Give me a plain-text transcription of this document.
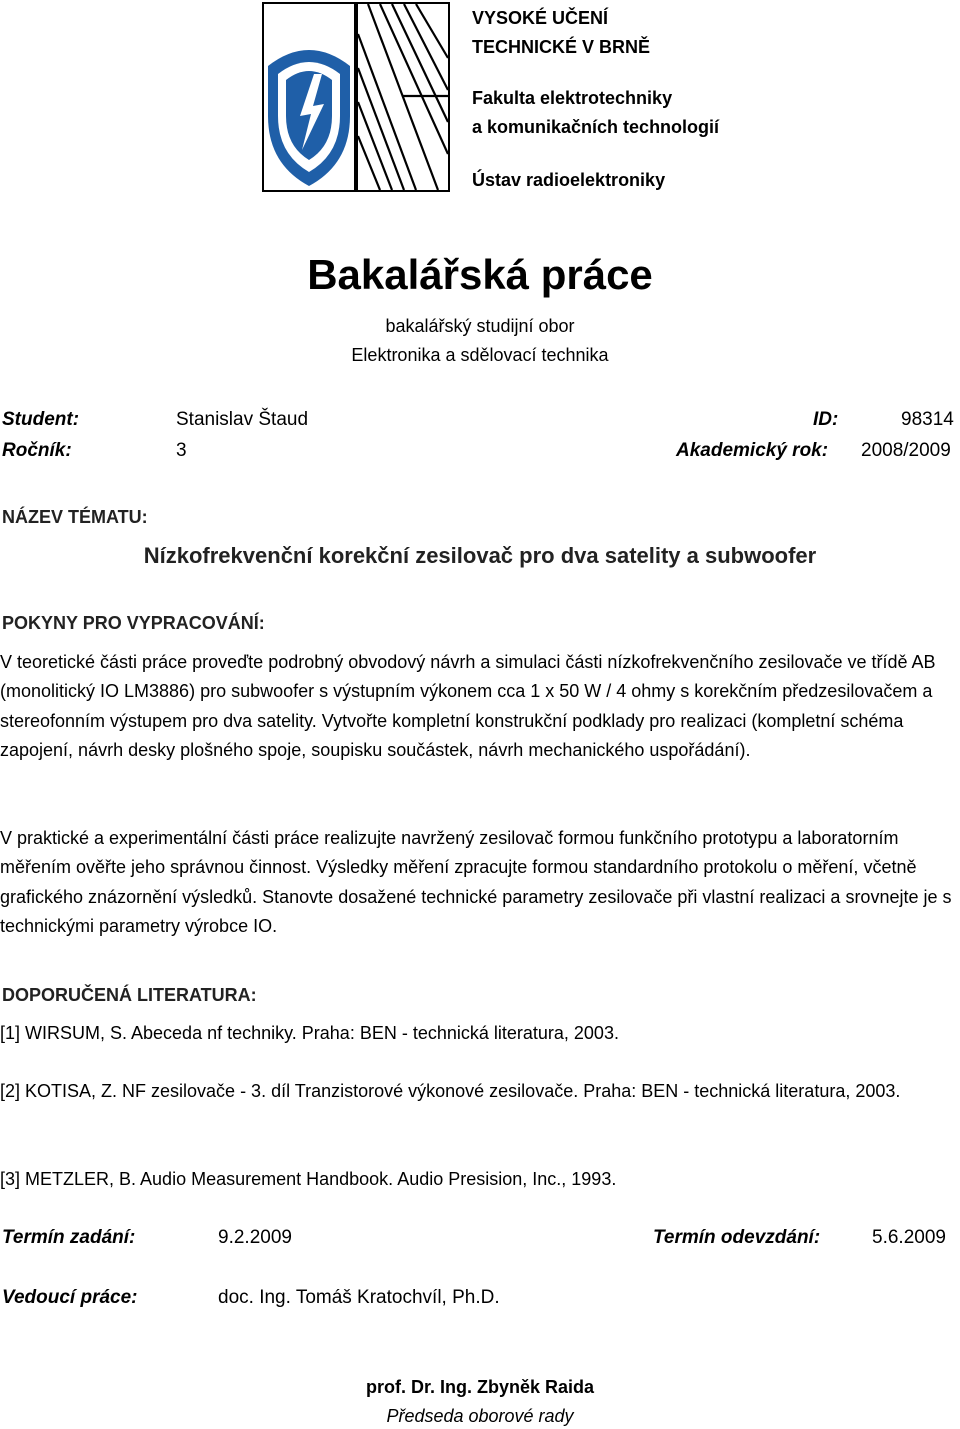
VYSOKÉ UČENÍ
TECHNICKÉ V BRNĚ
Fakulta elektrotechniky
a komunikačních technologií
Ústav radioelektroniky
Bakalářská práce
bakalářský studijní obor
Elektronika a sdělovací technika
Student:	Stanislav Štaud	ID:	98314
Ročník:	3	Akademický rok: 2008/2009
NÁZEV TÉMATU:
Nízkofrekvenční korekční zesilovač pro dva satelity a subwoofer
POKYNY PRO VYPRACOVÁNÍ:
V teoretické části práce proveďte podrobný obvodový návrh a simulaci části nízkofrekvenčního zesilovače ve třídě AB (monolitický IO LM3886) pro subwoofer s výstupním výkonem cca 1 x 50 W / 4 ohmy s korekčním předzesilovačem a stereofonním výstupem pro dva satelity. Vytvořte kompletní konstrukční podklady pro realizaci (kompletní schéma zapojení, návrh desky plošného spoje, soupisku součástek, návrh mechanického uspořádání).
V praktické a experimentální části práce realizujte navržený zesilovač formou funkčního prototypu a laboratorním měřením ověřte jeho správnou činnost. Výsledky měření zpracujte formou standardního protokolu o měření, včetně grafického znázornění výsledků. Stanovte dosažené technické parametry zesilovače při vlastní realizaci a srovnejte je s technickými parametry výrobce IO.
DOPORUČENÁ LITERATURA:
[1] WIRSUM, S. Abeceda nf techniky. Praha: BEN - technická literatura, 2003.
[2] KOTISA, Z. NF zesilovače - 3. díl Tranzistorové výkonové zesilovače. Praha: BEN - technická literatura, 2003.
[3] METZLER, B. Audio Measurement Handbook. Audio Presision, Inc., 1993.
Termín zadání:	9.2.2009	Termín odevzdání:	5.6.2009
Vedoucí práce:	doc. Ing. Tomáš Kratochvíl, Ph.D.
prof. Dr. Ing. Zbyněk Raida
Předseda oborové rady
